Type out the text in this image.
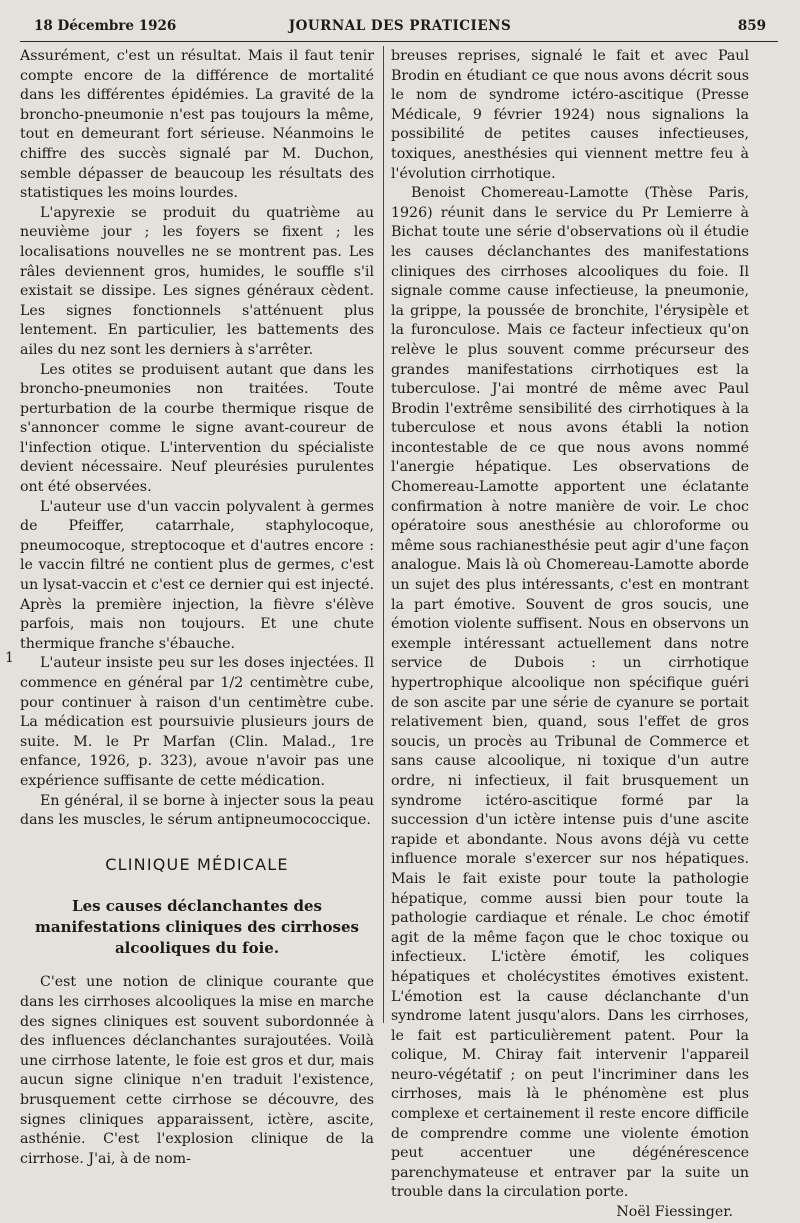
18 Décembre 1926	JOURNAL DES PRATICIENS	859
1

Assurément, c'est un résultat. Mais il faut tenir compte encore de la différence de mortalité dans les différentes épidémies. La gravité de la broncho-pneumonie n'est pas toujours la même, tout en demeurant fort sérieuse. Néanmoins le chiffre des succès signalé par M. Duchon, semble dépasser de beaucoup les résultats des statistiques les moins lourdes.

L'apyrexie se produit du quatrième au neuvième jour ; les foyers se fixent ; les localisations nouvelles ne se montrent pas. Les râles deviennent gros, humides, le souffle s'il existait se dissipe. Les signes généraux cèdent. Les signes fonctionnels s'atténuent plus lentement. En particulier, les battements des ailes du nez sont les derniers à s'arrêter.

Les otites se produisent autant que dans les broncho-pneumonies non traitées. Toute perturbation de la courbe thermique risque de s'annoncer comme le signe avant-coureur de l'infection otique. L'intervention du spécialiste devient nécessaire. Neuf pleurésies purulentes ont été observées.

L'auteur use d'un vaccin polyvalent à germes de Pfeiffer, catarrhale, staphylocoque, pneumocoque, streptocoque et d'autres encore : le vaccin filtré ne contient plus de germes, c'est un lysat-vaccin et c'est ce dernier qui est injecté. Après la première injection, la fièvre s'élève parfois, mais non toujours. Et une chute thermique franche s'ébauche.

L'auteur insiste peu sur les doses injectées. Il commence en général par 1/2 centimètre cube, pour continuer à raison d'un centimètre cube. La médication est poursuivie plusieurs jours de suite. M. le Pr Marfan (Clin. Malad., 1re enfance, 1926, p. 323), avoue n'avoir pas une expérience suffisante de cette médication.

En général, il se borne à injecter sous la peau dans les muscles, le sérum antipneumococcique.

CLINIQUE MÉDICALE
Les causes déclanchantes des manifestations cliniques des cirrhoses alcooliques du foie.

C'est une notion de clinique courante que dans les cirrhoses alcooliques la mise en marche des signes cliniques est souvent subordonnée à des influences déclanchantes surajoutées. Voilà une cirrhose latente, le foie est gros et dur, mais aucun signe clinique n'en traduit l'existence, brusquement cette cirrhose se découvre, des signes cliniques apparaissent, ictère, ascite, asthénie. C'est l'explosion clinique de la cirrhose. J'ai, à de nom-

breuses reprises, signalé le fait et avec Paul Brodin en étudiant ce que nous avons décrit sous le nom de syndrome ictéro-ascitique (Presse Médicale, 9 février 1924) nous signalions la possibilité de petites causes infectieuses, toxiques, anesthésies qui viennent mettre feu à l'évolution cirrhotique.

Benoist Chomereau-Lamotte (Thèse Paris, 1926) réunit dans le service du Pr Lemierre à Bichat toute une série d'observations où il étudie les causes déclanchantes des manifestations cliniques des cirrhoses alcooliques du foie. Il signale comme cause infectieuse, la pneumonie, la grippe, la poussée de bronchite, l'érysipèle et la furonculose. Mais ce facteur infectieux qu'on relève le plus souvent comme précurseur des grandes manifestations cirrhotiques est la tuberculose. J'ai montré de même avec Paul Brodin l'extrême sensibilité des cirrhotiques à la tuberculose et nous avons établi la notion incontestable de ce que nous avons nommé l'anergie hépatique. Les observations de Chomereau-Lamotte apportent une éclatante confirmation à notre manière de voir. Le choc opératoire sous anesthésie au chloroforme ou même sous rachianesthésie peut agir d'une façon analogue. Mais là où Chomereau-Lamotte aborde un sujet des plus intéressants, c'est en montrant la part émotive. Souvent de gros soucis, une émotion violente suffisent. Nous en observons un exemple intéressant actuellement dans notre service de Dubois : un cirrhotique hypertrophique alcoolique non spécifique guéri de son ascite par une série de cyanure se portait relativement bien, quand, sous l'effet de gros soucis, un procès au Tribunal de Commerce et sans cause alcoolique, ni toxique d'un autre ordre, ni infectieux, il fait brusquement un syndrome ictéro-ascitique formé par la succession d'un ictère intense puis d'une ascite rapide et abondante. Nous avons déjà vu cette influence morale s'exercer sur nos hépatiques. Mais le fait existe pour toute la pathologie hépatique, comme aussi bien pour toute la pathologie cardiaque et rénale. Le choc émotif agit de la même façon que le choc toxique ou infectieux. L'ictère émotif, les coliques hépatiques et cholécystites émotives existent. L'émotion est la cause déclanchante d'un syndrome latent jusqu'alors. Dans les cirrhoses, le fait est particulièrement patent. Pour la colique, M. Chiray fait intervenir l'appareil neuro-végétatif ; on peut l'incriminer dans les cirrhoses, mais là le phénomène est plus complexe et certainement il reste encore difficile de comprendre comme une violente émotion peut accentuer une dégénérescence parenchymateuse et entraver par la suite un trouble dans la circulation porte.

Noël Fiessinger.
